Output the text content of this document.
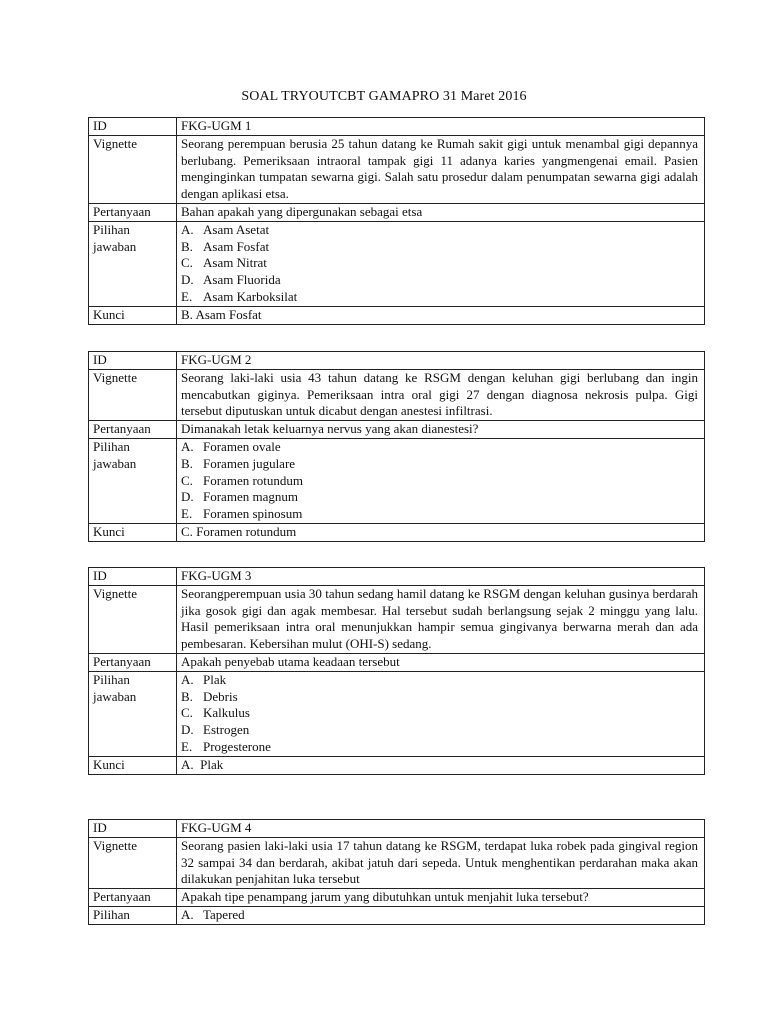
SOAL TRYOUTCBT GAMAPRO 31 Maret 2016
ID	FKG-UGM 1
Vignette	Seorang perempuan berusia 25 tahun datang ke Rumah sakit gigi untuk menambal gigi depannya berlubang. Pemeriksaan intraoral tampak gigi 11 adanya karies yangmengenai email. Pasien menginginkan tumpatan sewarna gigi. Salah satu prosedur dalam penumpatan sewarna gigi adalah dengan aplikasi etsa.
Pertanyaan	Bahan apakah yang dipergunakan sebagai etsa
Pilihan jawaban	A. Asam Asetat
B. Asam Fosfat
C. Asam Nitrat
D. Asam Fluorida
E. Asam Karboksilat

Kunci	B. Asam Fosfat
ID	FKG-UGM 2
Vignette	Seorang laki-laki usia 43 tahun datang ke RSGM dengan keluhan gigi berlubang dan ingin mencabutkan giginya. Pemeriksaan intra oral gigi 27 dengan diagnosa nekrosis pulpa. Gigi tersebut diputuskan untuk dicabut dengan anestesi infiltrasi.
Pertanyaan	Dimanakah letak keluarnya nervus yang akan dianestesi?
Pilihan jawaban	A. Foramen ovale
B. Foramen jugulare
C. Foramen rotundum
D. Foramen magnum
E. Foramen spinosum

Kunci	C. Foramen rotundum
ID	FKG-UGM 3
Vignette	Seorangperempuan usia 30 tahun sedang hamil datang ke RSGM dengan keluhan gusinya berdarah jika gosok gigi dan agak membesar. Hal tersebut sudah berlangsung sejak 2 minggu yang lalu. Hasil pemeriksaan intra oral menunjukkan hampir semua gingivanya berwarna merah dan ada pembesaran. Kebersihan mulut (OHI-S) sedang.
Pertanyaan	Apakah penyebab utama keadaan tersebut
Pilihan jawaban	A. Plak
B. Debris
C. Kalkulus
D. Estrogen
E. Progesterone

Kunci	A.  Plak
ID	FKG-UGM 4
Vignette	Seorang pasien laki-laki usia 17 tahun datang ke RSGM, terdapat luka robek pada gingival region 32 sampai 34 dan berdarah, akibat jatuh dari sepeda. Untuk menghentikan perdarahan maka akan dilakukan penjahitan luka tersebut
Pertanyaan	Apakah tipe penampang jarum yang dibutuhkan untuk menjahit luka tersebut?
Pilihan	A. Tapered
